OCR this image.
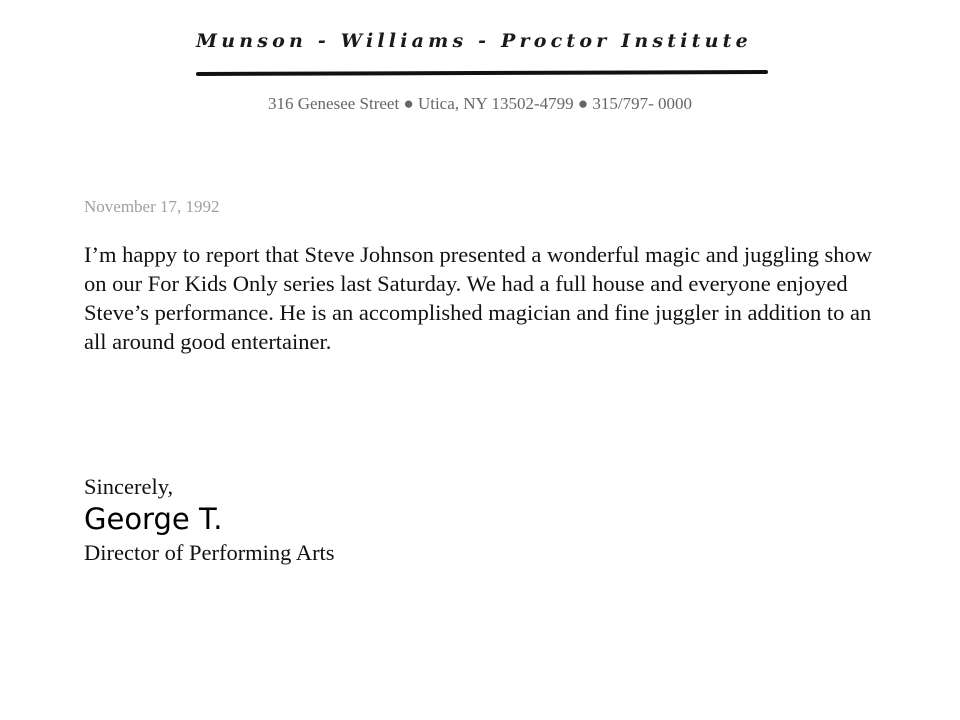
Munson - Williams - Proctor Institute
316 Genesee Street ● Utica, NY 13502-4799 ● 315/797- 0000
November 17, 1992

I’m happy to report that Steve Johnson presented a wonderful magic and juggling show on our For Kids Only series last Saturday. We had a full house and everyone enjoyed Steve’s performance. He is an accomplished magician and fine juggler in addition to an all around good entertainer.

Sincerely,
George T.
Director of Performing Arts
